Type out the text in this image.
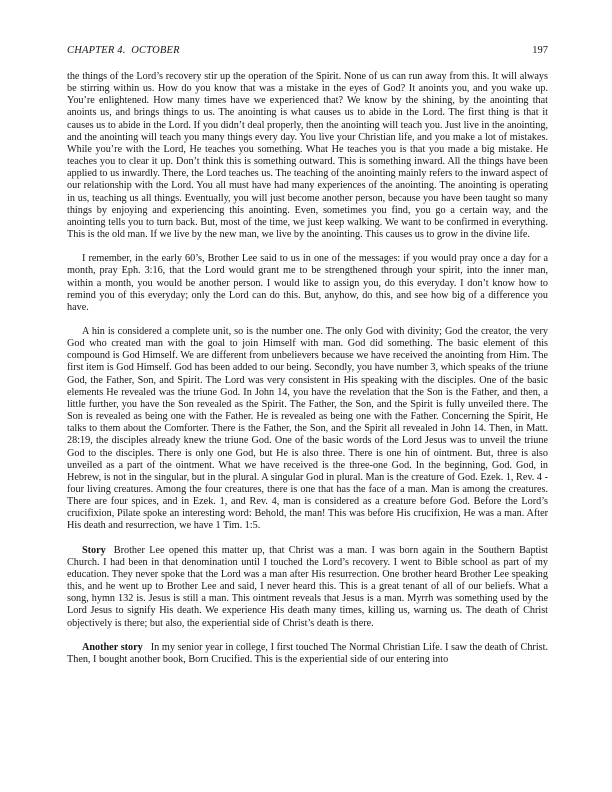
CHAPTER 4.  OCTOBER	197

the things of the Lord’s recovery stir up the operation of the Spirit. None of us can run away from this. It will always be stirring within us. How do you know that was a mistake in the eyes of God? It anoints you, and you wake up. You’re enlightened. How many times have we experienced that? We know by the shining, by the anointing that anoints us, and brings things to us. The anointing is what causes us to abide in the Lord. The first thing is that it causes us to abide in the Lord. If you didn’t deal properly, then the anointing will teach you. Just live in the anointing, and the anointing will teach you many things every day. You live your Christian life, and you make a lot of mistakes. While you’re with the Lord, He teaches you something. What He teaches you is that you made a big mistake. He teaches you to clear it up. Don’t think this is something outward. This is something inward. All the things have been applied to us inwardly. There, the Lord teaches us. The teaching of the anointing mainly refers to the inward aspect of our relationship with the Lord. You all must have had many experiences of the anointing. The anointing is operating in us, teaching us all things. Eventually, you will just become another person, because you have been taught so many things by enjoying and experiencing this anointing. Even, sometimes you find, you go a certain way, and the anointing tells you to turn back. But, most of the time, we just keep walking. We want to be confirmed in everything. This is the old man. If we live by the new man, we live by the anointing. This causes us to grow in the divine life.

I remember, in the early 60’s, Brother Lee said to us in one of the messages: if you would pray once a day for a month, pray Eph. 3:16, that the Lord would grant me to be strengthened through your spirit, into the inner man, within a month, you would be another person. I would like to assign you, do this everyday. I don’t know how to remind you of this everyday; only the Lord can do this. But, anyhow, do this, and see how big of a difference you have.

A hin is considered a complete unit, so is the number one. The only God with divinity; God the creator, the very God who created man with the goal to join Himself with man. God did something. The basic element of this compound is God Himself. We are different from unbelievers because we have received the anointing from Him. The first item is God Himself. God has been added to our being. Secondly, you have number 3, which speaks of the triune God, the Father, Son, and Spirit. The Lord was very consistent in His speaking with the disciples. One of the basic elements He revealed was the triune God. In John 14, you have the revelation that the Son is the Father, and then, a little further, you have the Son revealed as the Spirit. The Father, the Son, and the Spirit is fully unveiled there. The Son is revealed as being one with the Father. He is revealed as being one with the Father. Concerning the Spirit, He talks to them about the Comforter. There is the Father, the Son, and the Spirit all revealed in John 14. Then, in Matt. 28:19, the disciples already knew the triune God. One of the basic words of the Lord Jesus was to unveil the triune God to the disciples. There is only one God, but He is also three. There is one hin of ointment. But, three is also unveiled as a part of the ointment. What we have received is the three-one God. In the beginning, God. God, in Hebrew, is not in the singular, but in the plural. A singular God in plural. Man is the creature of God. Ezek. 1, Rev. 4 - four living creatures. Among the four creatures, there is one that has the face of a man. Man is among the creatures. There are four spices, and in Ezek. 1, and Rev. 4, man is considered as a creature before God. Before the Lord’s crucifixion, Pilate spoke an interesting word: Behold, the man! This was before His crucifixion, He was a man. After His death and resurrection, we have 1 Tim. 1:5.

Story Brother Lee opened this matter up, that Christ was a man. I was born again in the Southern Baptist Church. I had been in that denomination until I touched the Lord’s recovery. I went to Bible school as part of my education. They never spoke that the Lord was a man after His resurrection. One brother heard Brother Lee speaking this, and he went up to Brother Lee and said, I never heard this. This is a great tenant of all of our beliefs. What a song, hymn 132 is. Jesus is still a man. This ointment reveals that Jesus is a man. Myrrh was something used by the Lord Jesus to signify His death. We experience His death many times, killing us, warning us. The death of Christ objectively is there; but also, the experiential side of Christ’s death is there.

Another story In my senior year in college, I first touched The Normal Christian Life. I saw the death of Christ. Then, I bought another book, Born Crucified. This is the experiential side of our entering into
